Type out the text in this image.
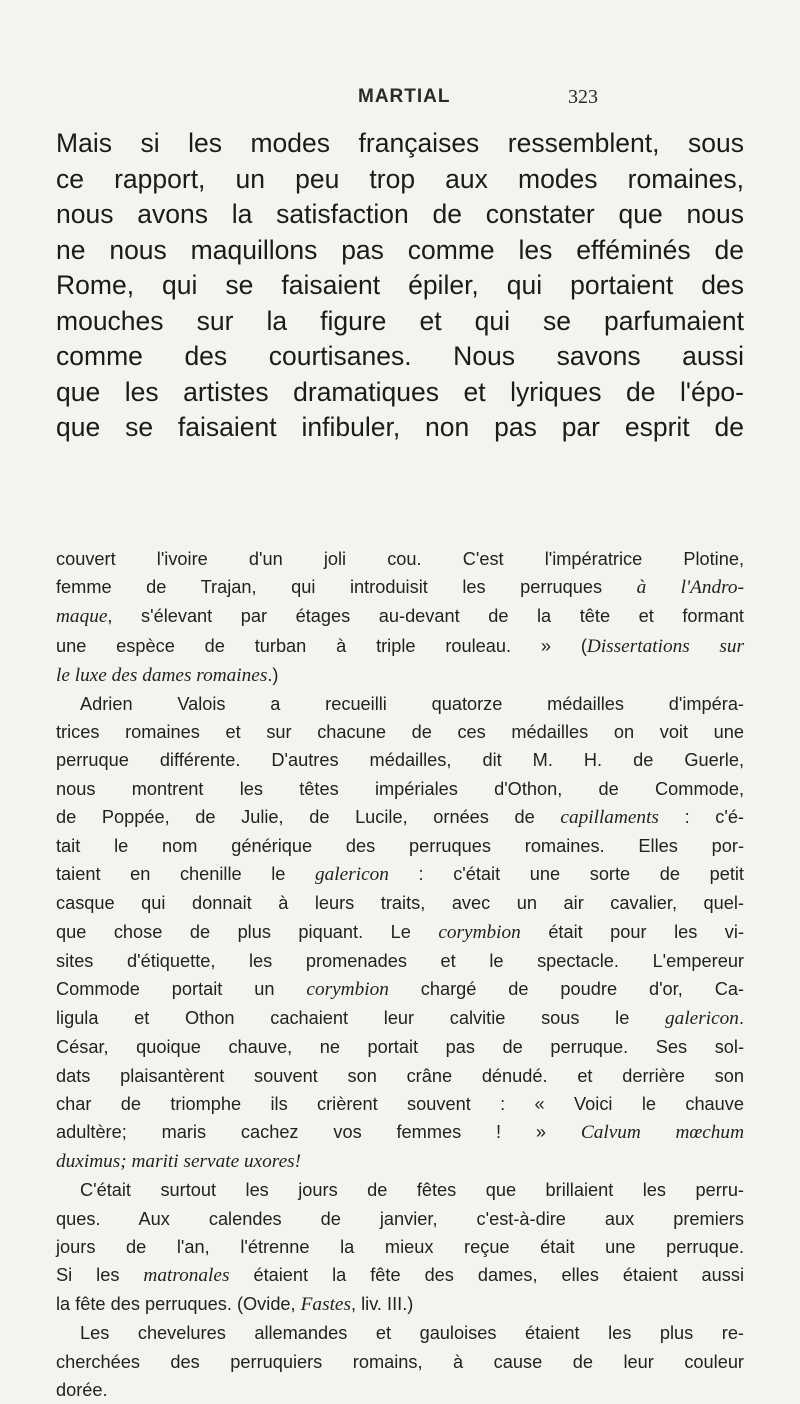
MARTIAL	323
Mais si les modes françaises ressemblent, sous
ce rapport, un peu trop aux modes romaines,
nous avons la satisfaction de constater que nous
ne nous maquillons pas comme les efféminés de
Rome, qui se faisaient épiler, qui portaient des
mouches sur la figure et qui se parfumaient
comme des courtisanes. Nous savons aussi
que les artistes dramatiques et lyriques de l'épo-
que se faisaient infibuler, non pas par esprit de
couvert l'ivoire d'un joli cou. C'est l'impératrice Plotine,
femme de Trajan, qui introduisit les perruques à l'Andro-
maque, s'élevant par étages au-devant de la tête et formant
une espèce de turban à triple rouleau. » (Dissertations sur
le luxe des dames romaines.)
Adrien Valois a recueilli quatorze médailles d'impéra-
trices romaines et sur chacune de ces médailles on voit une
perruque différente. D'autres médailles, dit M. H. de Guerle,
nous montrent les têtes impériales d'Othon, de Commode,
de Poppée, de Julie, de Lucile, ornées de capillaments : c'é-
tait le nom générique des perruques romaines. Elles por-
taient en chenille le galericon : c'était une sorte de petit
casque qui donnait à leurs traits, avec un air cavalier, quel-
que chose de plus piquant. Le corymbion était pour les vi-
sites d'étiquette, les promenades et le spectacle. L'empereur
Commode portait un corymbion chargé de poudre d'or, Ca-
ligula et Othon cachaient leur calvitie sous le galericon.
César, quoique chauve, ne portait pas de perruque. Ses sol-
dats plaisantèrent souvent son crâne dénudé. et derrière son
char de triomphe ils crièrent souvent : « Voici le chauve
adultère; maris cachez vos femmes ! » Calvum mœchum
duximus; mariti servate uxores!
C'était surtout les jours de fêtes que brillaient les perru-
ques. Aux calendes de janvier, c'est-à-dire aux premiers
jours de l'an, l'étrenne la mieux reçue était une perruque.
Si les matronales étaient la fête des dames, elles étaient aussi
la fête des perruques. (Ovide, Fastes, liv. III.)
Les chevelures allemandes et gauloises étaient les plus re-
cherchées des perruquiers romains, à cause de leur couleur
dorée.
